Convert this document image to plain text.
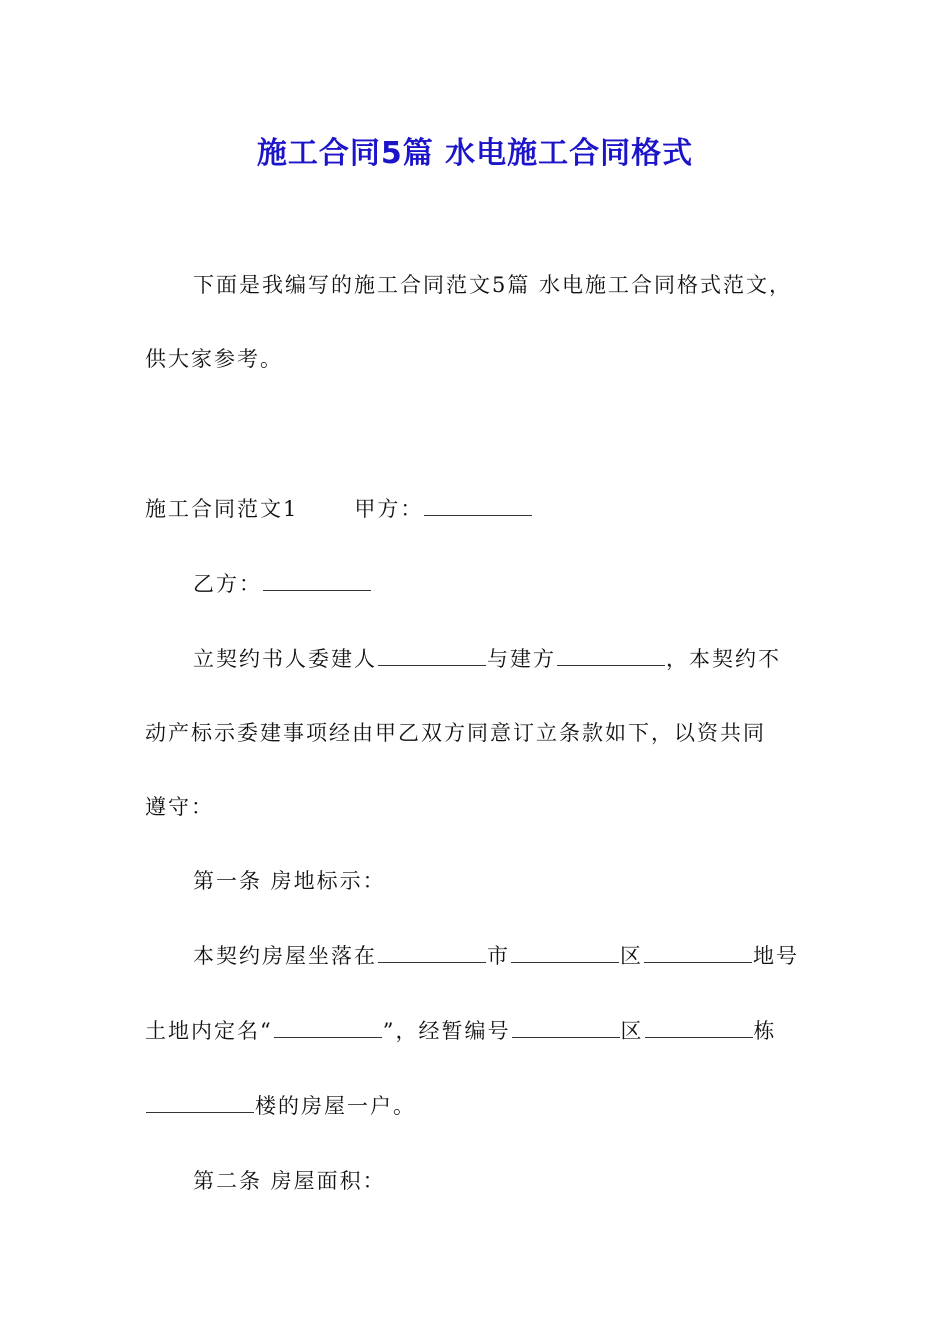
施工合同5篇 水电施工合同格式
下面是我编写的施工合同范文5篇 水电施工合同格式范文，
供大家参考。
施工合同范文1	甲方：
乙方：
立契约书人委建人	与建方	，本契约不
动产标示委建事项经由甲乙双方同意订立条款如下，以资共同
遵守：
第一条 房地标示：
本契约房屋坐落在	市	区	地号
土地内定名“	”，经暂编号	区	栋
楼的房屋一户。
第二条 房屋面积：
